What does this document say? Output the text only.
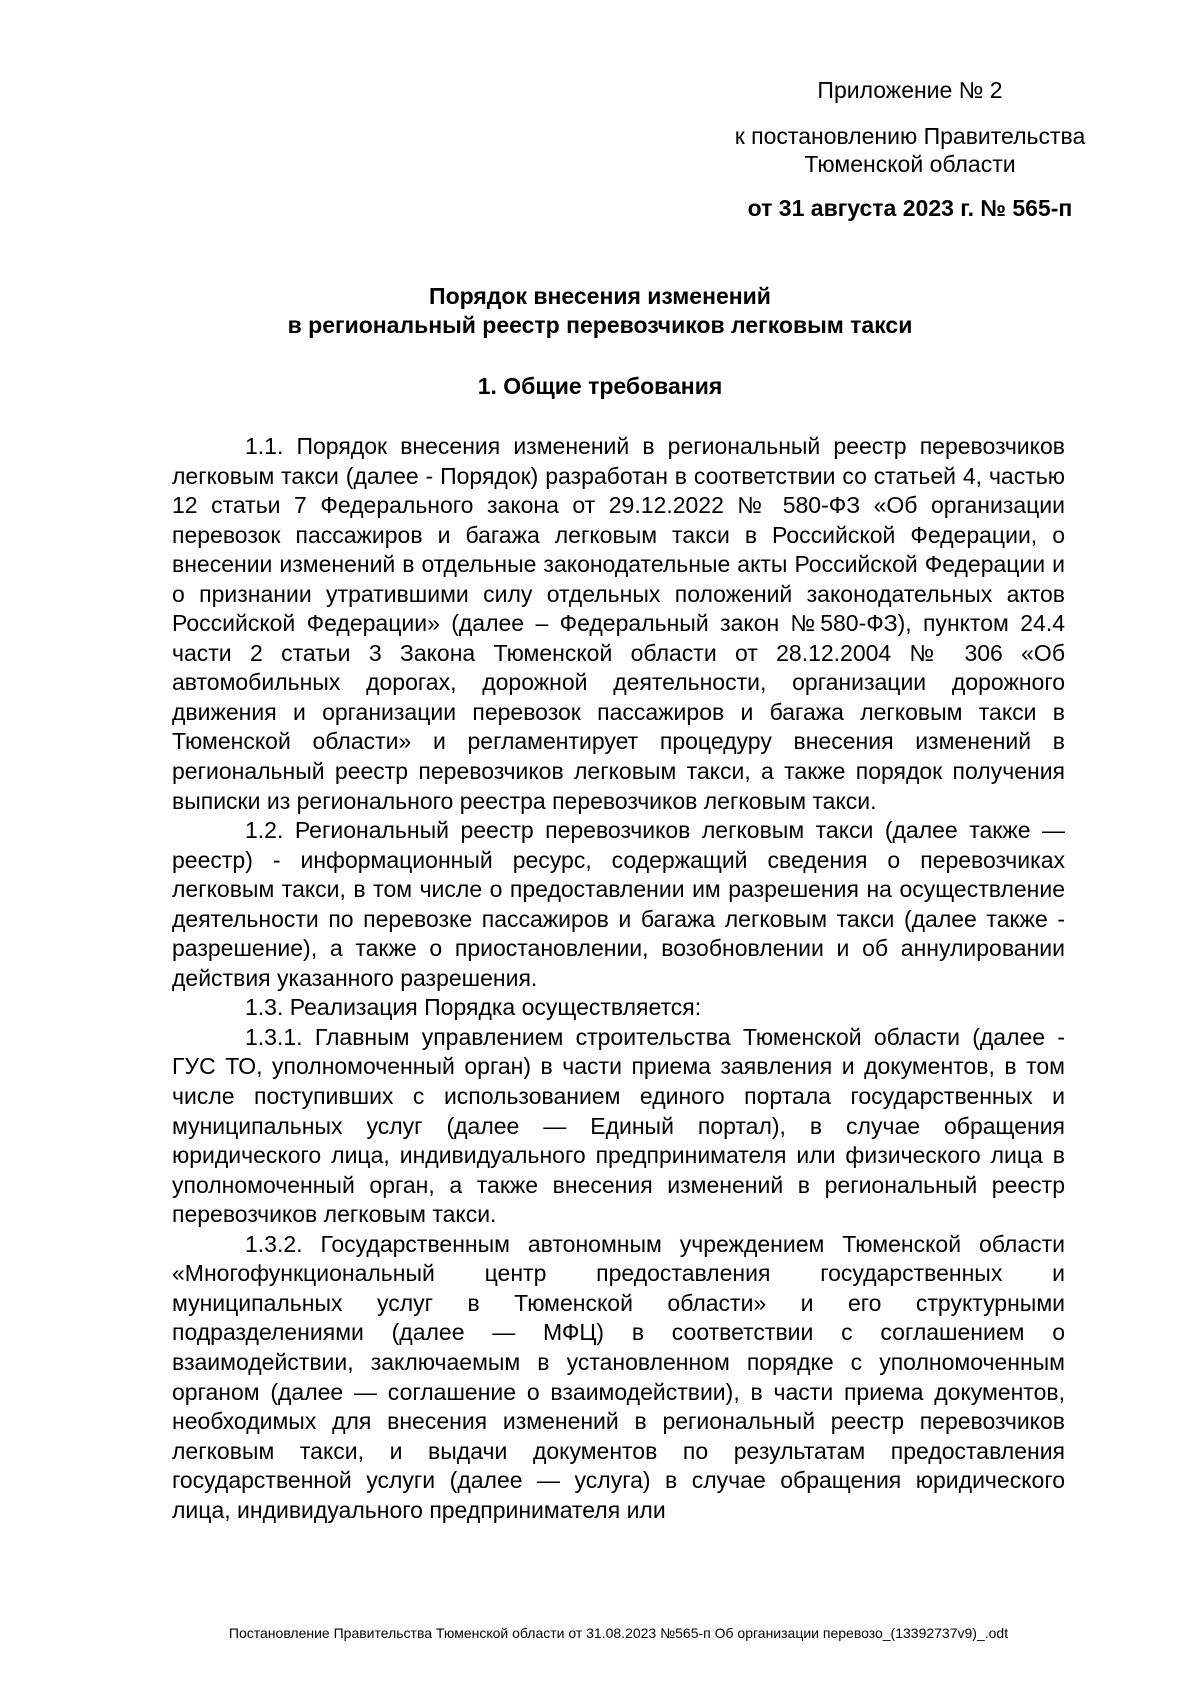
Приложение № 2
к постановлению Правительства
Тюменской области
от 31 августа 2023 г. № 565-п
Порядок внесения изменений
в региональный реестр перевозчиков легковым такси
1. Общие требования

1.1. Порядок внесения изменений в региональный реестр перевозчиков легковым такси (далее - Порядок) разработан в соответствии со статьей 4, частью 12 статьи 7 Федерального закона от 29.12.2022 № 580-ФЗ «Об организации перевозок пассажиров и багажа легковым такси в Российской Федерации, о внесении изменений в отдельные законодательные акты Российской Федерации и о признании утратившими силу отдельных положений законодательных актов Российской Федерации» (далее – Федеральный закон №580-ФЗ), пунктом 24.4 части 2 статьи 3 Закона Тюменской области от 28.12.2004 № 306 «Об автомобильных дорогах, дорожной деятельности, организации дорожного движения и организации перевозок пассажиров и багажа легковым такси в Тюменской области» и регламентирует процедуру внесения изменений в региональный реестр перевозчиков легковым такси, а также порядок получения выписки из регионального реестра перевозчиков легковым такси.

1.2. Региональный реестр перевозчиков легковым такси (далее также — реестр) - информационный ресурс, содержащий сведения о перевозчиках легковым такси, в том числе о предоставлении им разрешения на осуществление деятельности по перевозке пассажиров и багажа легковым такси (далее также - разрешение), а также о приостановлении, возобновлении и об аннулировании действия указанного разрешения.

1.3. Реализация Порядка осуществляется:

1.3.1. Главным управлением строительства Тюменской области (далее - ГУС ТО, уполномоченный орган) в части приема заявления и документов, в том числе поступивших с использованием единого портала государственных и муниципальных услуг (далее — Единый портал), в случае обращения юридического лица, индивидуального предпринимателя или физического лица в уполномоченный орган, а также внесения изменений в региональный реестр перевозчиков легковым такси.

1.3.2. Государственным автономным учреждением Тюменской области «Многофункциональный центр предоставления государственных и муниципальных услуг в Тюменской области» и его структурными подразделениями (далее — МФЦ) в соответствии с соглашением о взаимодействии, заключаемым в установленном порядке с уполномоченным органом (далее — соглашение о взаимодействии), в части приема документов, необходимых для внесения изменений в региональный реестр перевозчиков легковым такси, и выдачи документов по результатам предоставления государственной услуги (далее — услуга) в случае обращения юридического лица, индивидуального предпринимателя или

Постановление Правительства Тюменской области от 31.08.2023 №565-п Об организации перевозо_(13392737v9)_.odt
